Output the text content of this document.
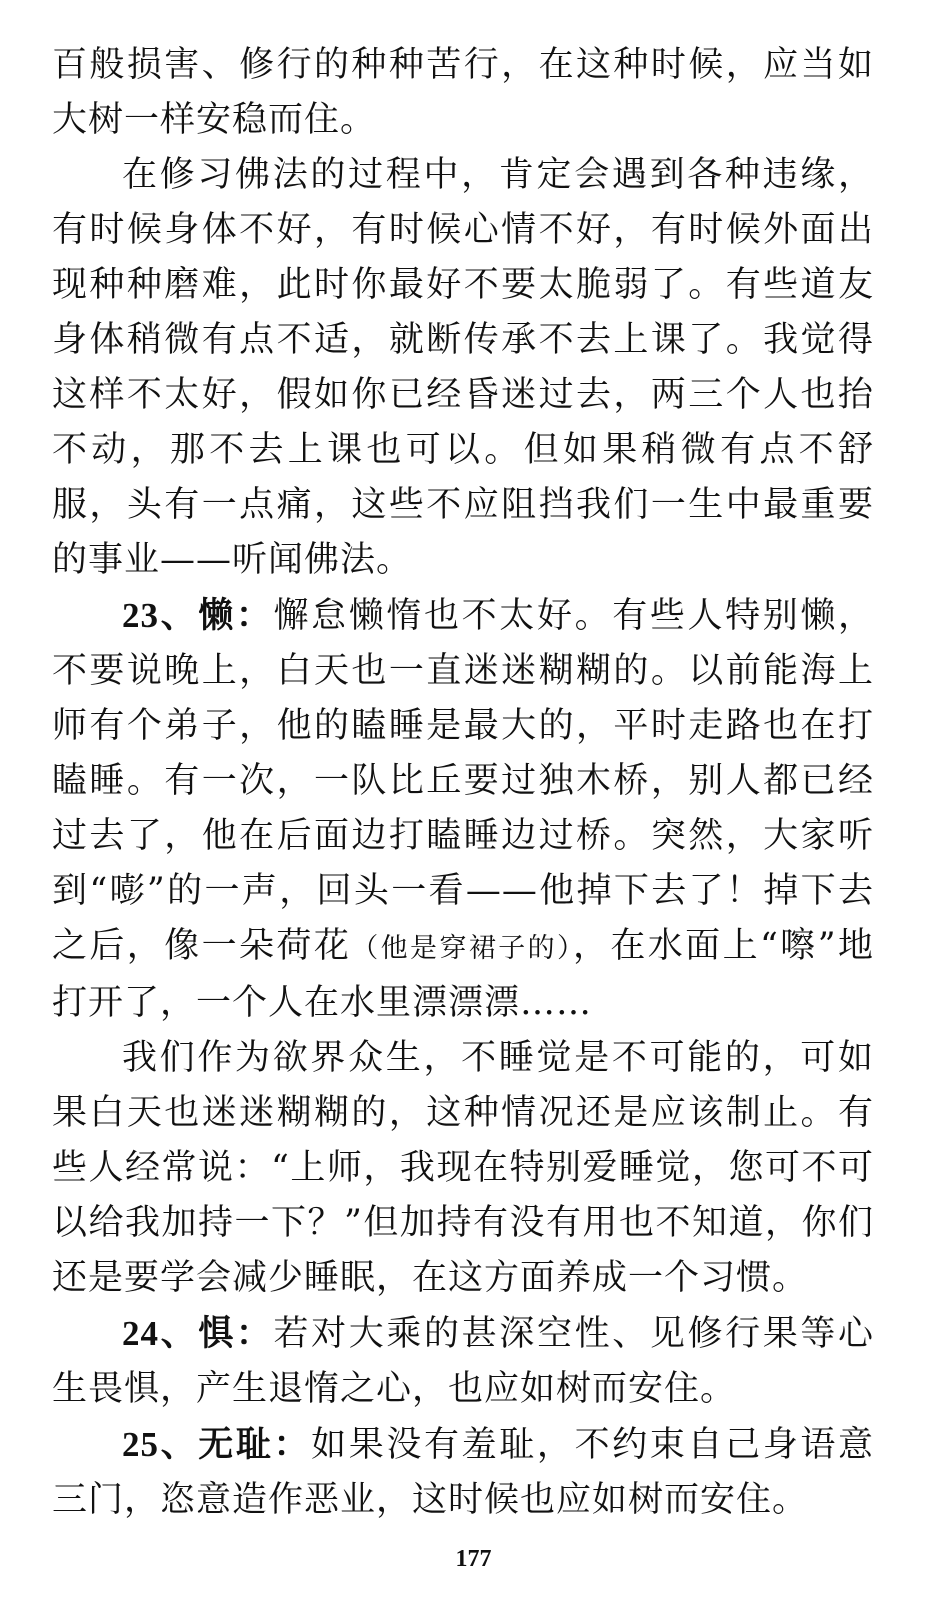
百般损害、修行的种种苦行，在这种时候，应当如大树一样安稳而住。

在修习佛法的过程中，肯定会遇到各种违缘，有时候身体不好，有时候心情不好，有时候外面出现种种磨难，此时你最好不要太脆弱了。有些道友身体稍微有点不适，就断传承不去上课了。我觉得这样不太好，假如你已经昏迷过去，两三个人也抬不动，那不去上课也可以。但如果稍微有点不舒服，头有一点痛，这些不应阻挡我们一生中最重要的事业——听闻佛法。

23、懒：懈怠懒惰也不太好。有些人特别懒，不要说晚上，白天也一直迷迷糊糊的。以前能海上师有个弟子，他的瞌睡是最大的，平时走路也在打瞌睡。有一次，一队比丘要过独木桥，别人都已经过去了，他在后面边打瞌睡边过桥。突然，大家听到“嘭”的一声，回头一看——他掉下去了！掉下去之后，像一朵荷花（他是穿裙子的），在水面上“嚓”地打开了，一个人在水里漂漂漂……

我们作为欲界众生，不睡觉是不可能的，可如果白天也迷迷糊糊的，这种情况还是应该制止。有些人经常说：“上师，我现在特别爱睡觉，您可不可以给我加持一下？”但加持有没有用也不知道，你们还是要学会减少睡眠，在这方面养成一个习惯。

24、惧：若对大乘的甚深空性、见修行果等心生畏惧，产生退惰之心，也应如树而安住。

25、无耻：如果没有羞耻，不约束自己身语意三门，恣意造作恶业，这时候也应如树而安住。

177
